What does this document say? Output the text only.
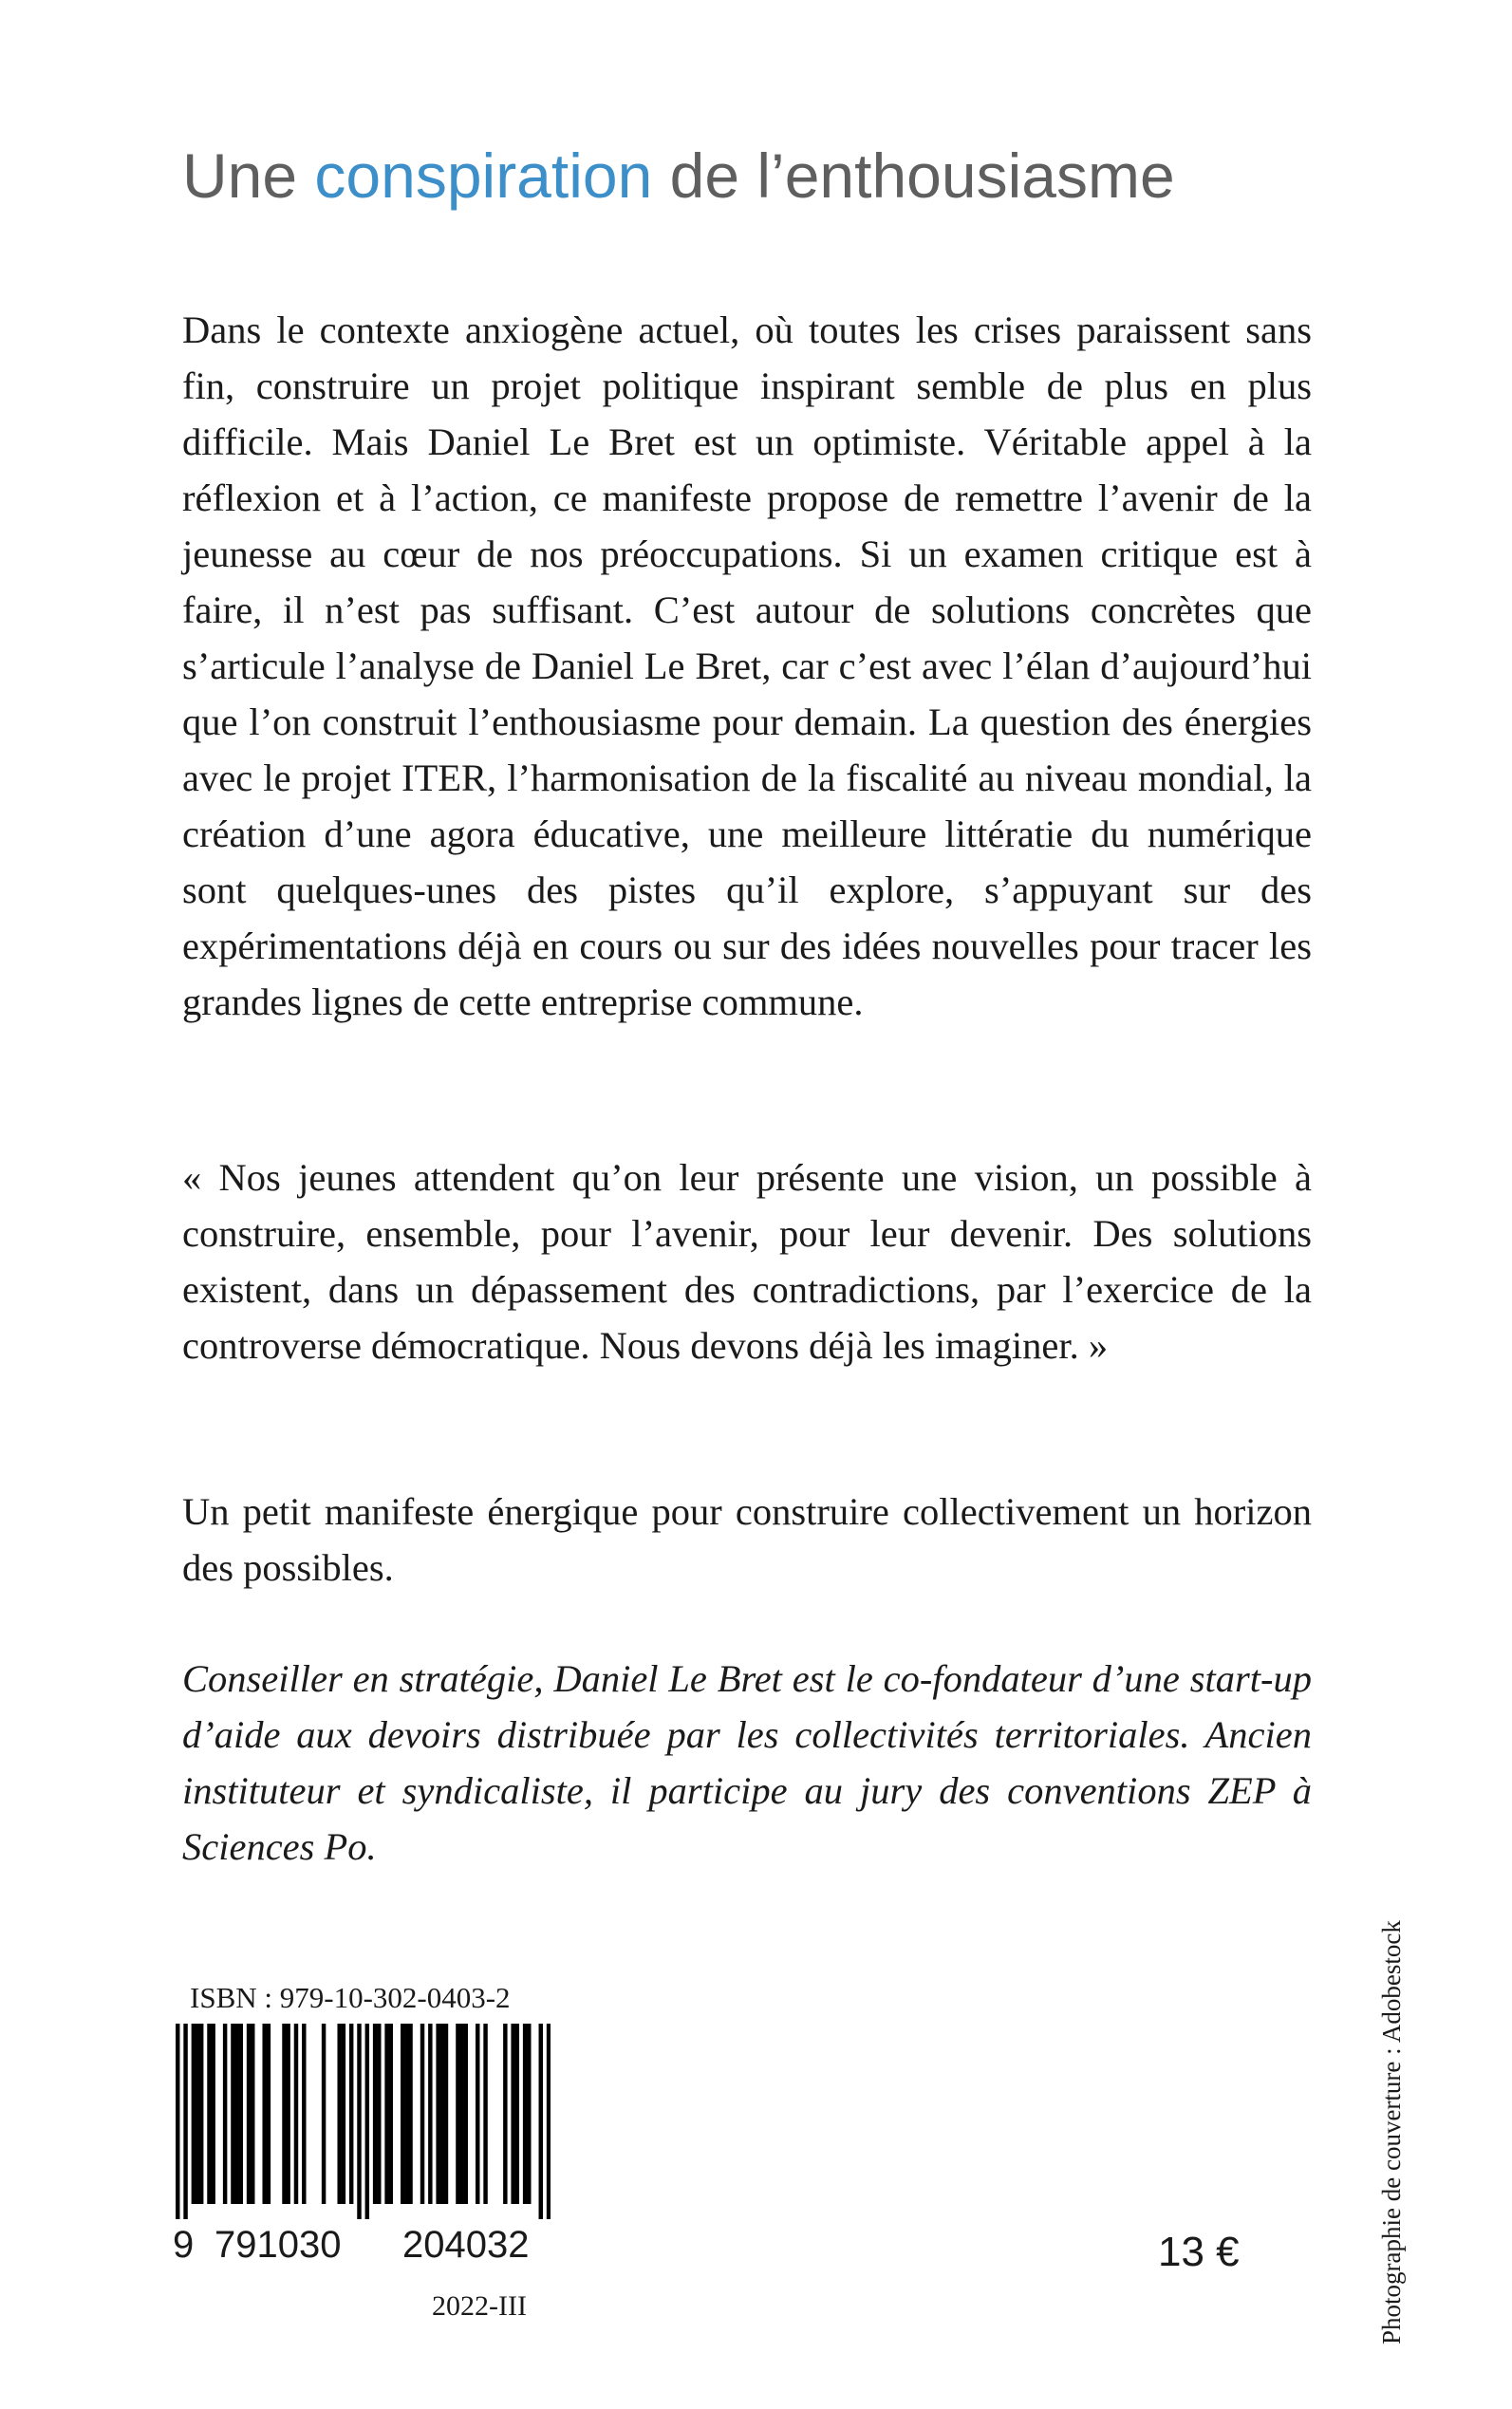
Une conspiration de l’enthousiasme

Dans le contexte anxiogène actuel, où toutes les crises paraissent sans fin, construire un projet politique inspirant semble de plus en plus difficile. Mais Daniel Le Bret est un optimiste. Véritable appel à la réflexion et à l’action, ce manifeste propose de remettre l’avenir de la jeunesse au cœur de nos préoccupations. Si un examen critique est à faire, il n’est pas suffisant. C’est autour de solutions concrètes que s’articule l’analyse de Daniel Le Bret, car c’est avec l’élan d’aujourd’hui que l’on construit l’enthousiasme pour demain. La question des énergies avec le projet ITER, l’harmonisation de la fiscalité au niveau mondial, la création d’une agora éducative, une meilleure littératie du numérique sont quelques-unes des pistes qu’il explore, s’appuyant sur des expérimentations déjà en cours ou sur des idées nouvelles pour tracer les grandes lignes de cette entreprise commune.

« Nos jeunes attendent qu’on leur présente une vision, un possible à construire, ensemble, pour l’avenir, pour leur devenir. Des solutions existent, dans un dépassement des contradictions, par l’exercice de la controverse démocratique. Nous devons déjà les imaginer. »

Un petit manifeste énergique pour construire collectivement un horizon des possibles.

Conseiller en stratégie, Daniel Le Bret est le co-fondateur d’une start-up d’aide aux devoirs distribuée par les collectivités territoriales. Ancien instituteur et syndicaliste, il participe au jury des conventions ZEP à Sciences Po.

ISBN : 979-10-302-0403-2

9 791030 204032

2022-III

13 €	Photographie de couverture : Adobestock
